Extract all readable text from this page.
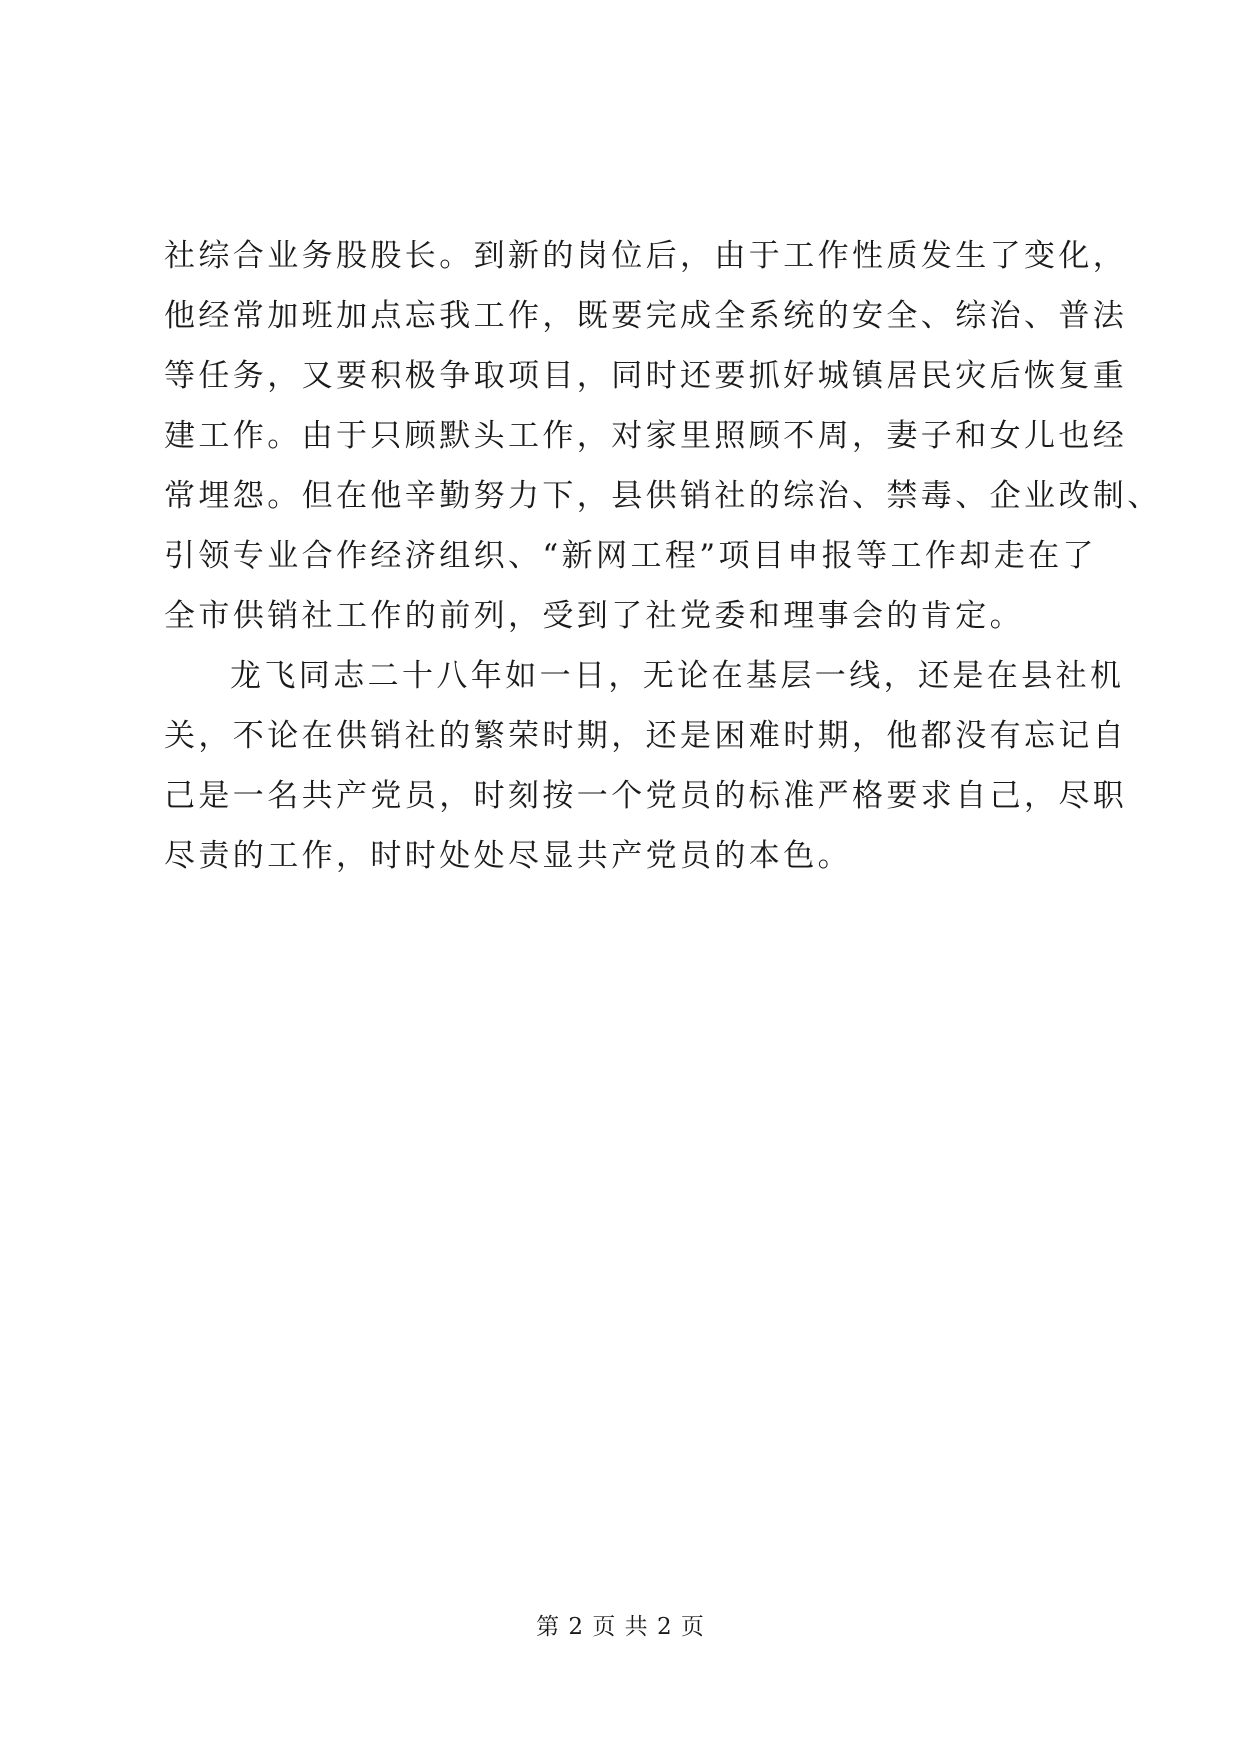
社综合业务股股长。到新的岗位后，由于工作性质发生了变化，
他经常加班加点忘我工作，既要完成全系统的安全、综治、普法
等任务，又要积极争取项目，同时还要抓好城镇居民灾后恢复重
建工作。由于只顾默头工作，对家里照顾不周，妻子和女儿也经
常埋怨。但在他辛勤努力下，县供销社的综治、禁毒、企业改制、
引领专业合作经济组织、“新网工程”项目申报等工作却走在了
全市供销社工作的前列，受到了社党委和理事会的肯定。
龙飞同志二十八年如一日，无论在基层一线，还是在县社机
关，不论在供销社的繁荣时期，还是困难时期，他都没有忘记自
己是一名共产党员，时刻按一个党员的标准严格要求自己，尽职
尽责的工作，时时处处尽显共产党员的本色。
第 2 页 共 2 页
